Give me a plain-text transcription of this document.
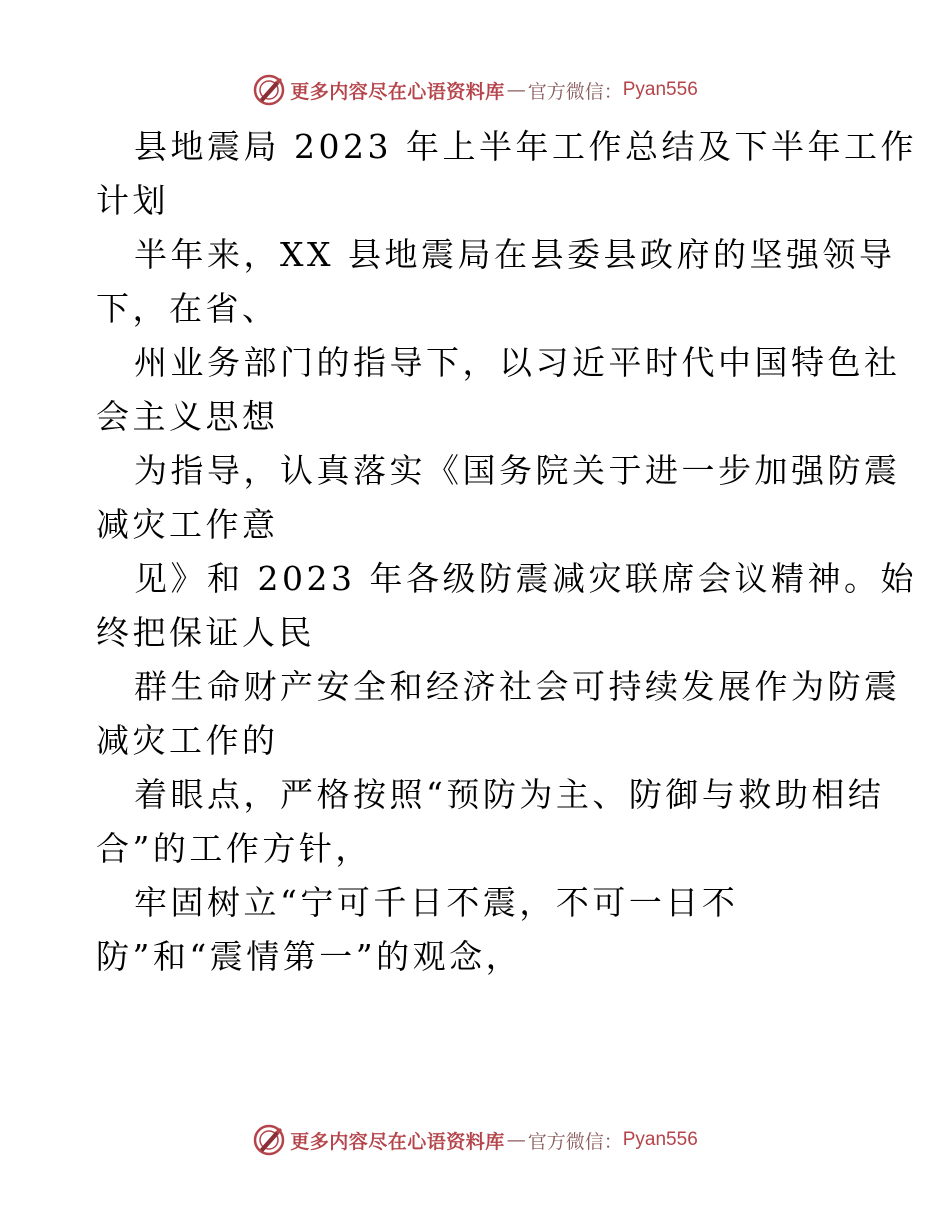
更多内容尽在心语资料库 — 官方微信： Pyan556
县地震局 2023 年上半年工作总结及下半年工作
计划
半年来，XX 县地震局在县委县政府的坚强领导
下，在省、
州业务部门的指导下，以习近平时代中国特色社
会主义思想
为指导，认真落实《国务院关于进一步加强防震
减灾工作意
见》和 2023 年各级防震减灾联席会议精神。始
终把保证人民
群生命财产安全和经济社会可持续发展作为防震
减灾工作的
着眼点，严格按照“预防为主、防御与救助相结
合”的工作方针，
牢固树立“宁可千日不震，不可一日不
防”和“震情第一”的观念，
更多内容尽在心语资料库 — 官方微信： Pyan556
